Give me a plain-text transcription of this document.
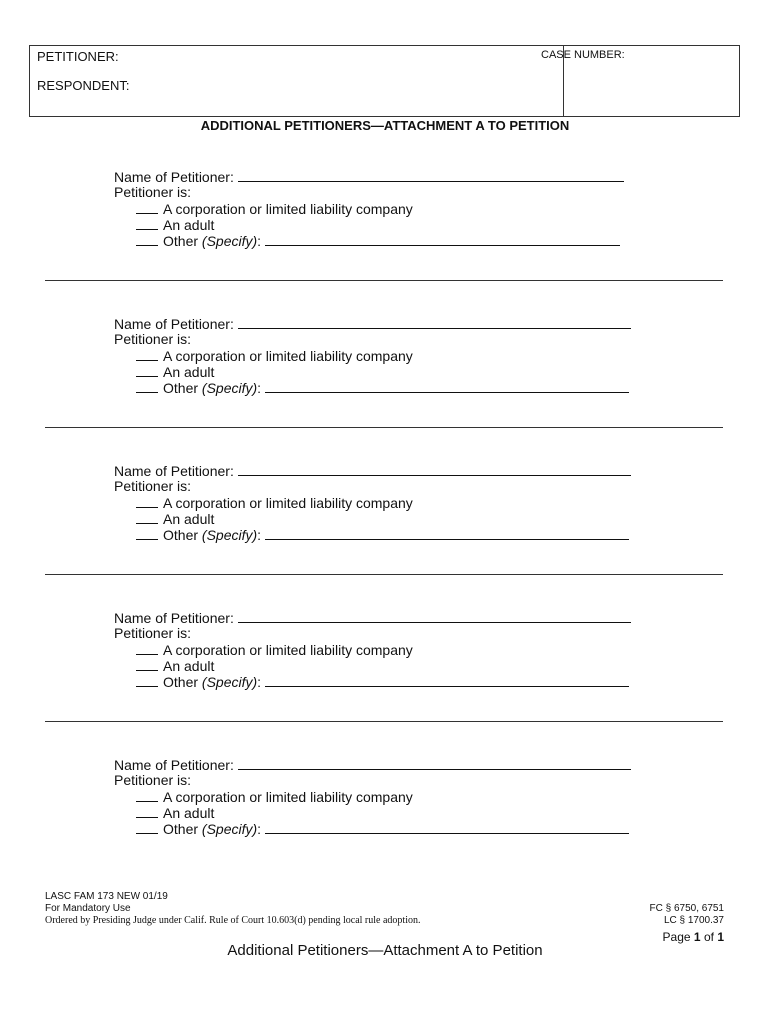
PETITIONER:
RESPONDENT:
CASE NUMBER:
ADDITIONAL PETITIONERS—ATTACHMENT A TO PETITION
Name of Petitioner:
Petitioner is:
A corporation or limited liability company
An adult
Other (Specify):
Name of Petitioner:
Petitioner is:
A corporation or limited liability company
An adult
Other (Specify):
Name of Petitioner:
Petitioner is:
A corporation or limited liability company
An adult
Other (Specify):
Name of Petitioner:
Petitioner is:
A corporation or limited liability company
An adult
Other (Specify):
Name of Petitioner:
Petitioner is:
A corporation or limited liability company
An adult
Other (Specify):
LASC FAM 173 NEW 01/19
For Mandatory Use
Ordered by Presiding Judge under Calif. Rule of Court 10.603(d) pending local rule adoption.
FC § 6750, 6751
LC § 1700.37
Page 1 of 1
Additional Petitioners—Attachment A to Petition
